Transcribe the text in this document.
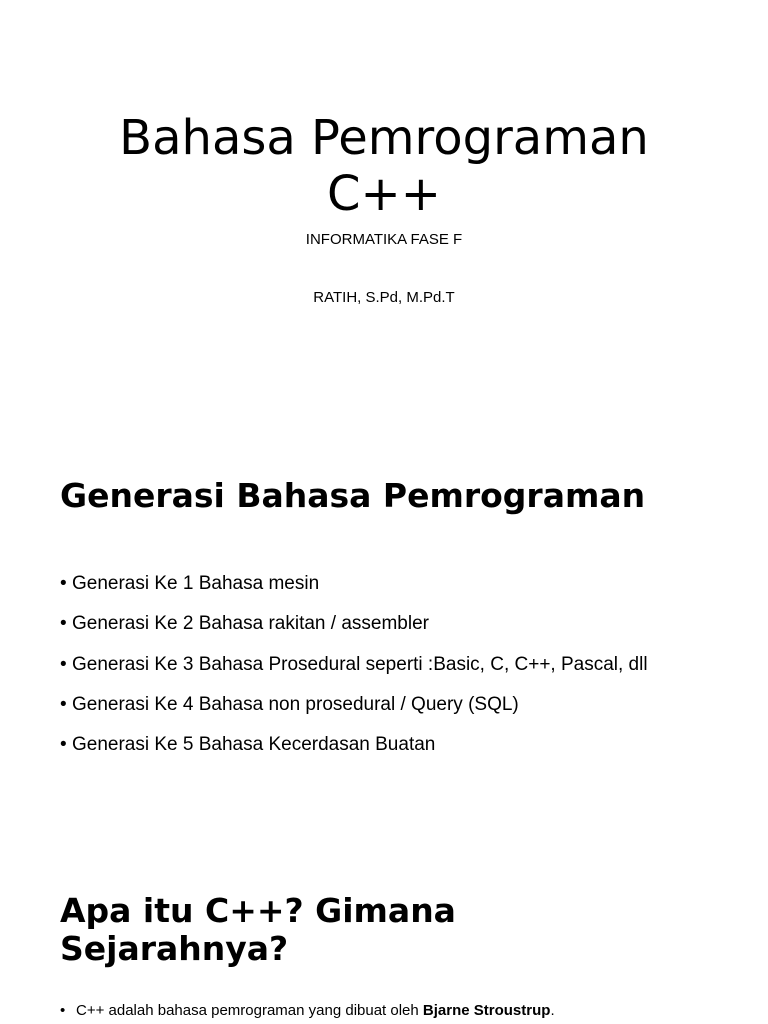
Bahasa Pemrograman
C++
INFORMATIKA FASE F
RATIH, S.Pd, M.Pd.T
Generasi Bahasa Pemrograman
• Generasi Ke 1 Bahasa mesin
• Generasi Ke 2 Bahasa rakitan / assembler
• Generasi Ke 3 Bahasa Prosedural seperti :Basic, C, C++, Pascal, dll
• Generasi Ke 4 Bahasa non prosedural / Query (SQL)
• Generasi Ke 5 Bahasa Kecerdasan Buatan
Apa itu C++? Gimana
Sejarahnya?
• C++ adalah bahasa pemrograman yang dibuat oleh Bjarne Stroustrup.
